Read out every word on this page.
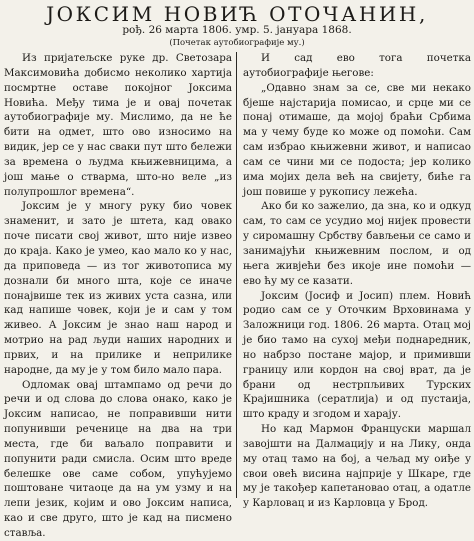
ЈОКСИМ НОВИЋ ОТОЧАНИН,
рођ. 26 марта 1806. умр. 5. јануара 1868.
(Почетак аутобиографије му.)

Из пријатељске руке др. Светозара Максимовића добисмо неколико хартија посмртне оставе покојног Јоксима Новића. Међу тима је и овај почетак аутобиографије му. Мислимо, да не ће бити на одмет, што ово износимо на видик, јер се у нас сваки пут што бележи за времена о људма књижевницима, а још мање о стварма, што-но веле „из полупрошлог времена“.

Јоксим је у многу руку био човек знаменит, и зато је штета, кад овако поче писати свој живот, што није извео до краја. Како је умео, као мало ко у нас, да приповеда — из тог животописа му дознали би много шта, које се иначе понајвише тек из живих уста сазна, или кад напише човек, који је и сам у том живео. А Јоксим је знао наш народ и мотрио на рад људи наших народних и првих, и на прилике и неприлике народне, да му је у том било мало пара.

Одломак овај штампамо од речи до речи и од слова до слова онако, како је Јоксим написао, не поправивши нити попунивши реченице на два на три места, где би ваљало поправити и попунити ради смисла. Осим што вреде белешке ове саме собом, упућујемо поштоване читаоце да на ум узму и на лепи језик, којим и ово Јоксим написа, као и све друго, што је кад на писмено ставља.

И сад ево тога почетка аутобиографије његове:

„Одавно знам за се, све ми некако бјеше најстарија помисао, и срце ми се понај отимаше, да мојој браћи Србима ма у чему буде ко може од помоћи. Сам сам избрао књижевни живот, и написао сам се чини ми се подоста; јер колико има мојих дела већ на свијету, биће га још повише у рукопису лежећа.

Ако би ко зажелио, да зна, ко и одкуд сам, то сам се усудио мој нијек провести у сиромашну Србству бављењи се само и занимајући књижевним послом, и од њега живјећи без икоје ине помоћи — ево ћу му се казати.

Јоксим (Јосиф и Јосип) плем. Новић родио сам се у Оточким Врховинама у Заложници год. 1806. 26 марта. Отац мој је био тамо на сухој међи поднаредник, но набрзо постане мајор, и примивши границу или кордон на свој врат, да је брани од нестрпљивих Турских Крајишника (сератлија) и од пустаија, што краду и згодом и харају.

Но кад Мармон Француски маршал завојшти на Далмацију и на Лику, онда му отац тамо на бој, а чељад му оиђе у свои овећ висина најприје у Шкаре, где му је такођер капетановао отац, а одатле у Карловац и из Карловца у Брод.
